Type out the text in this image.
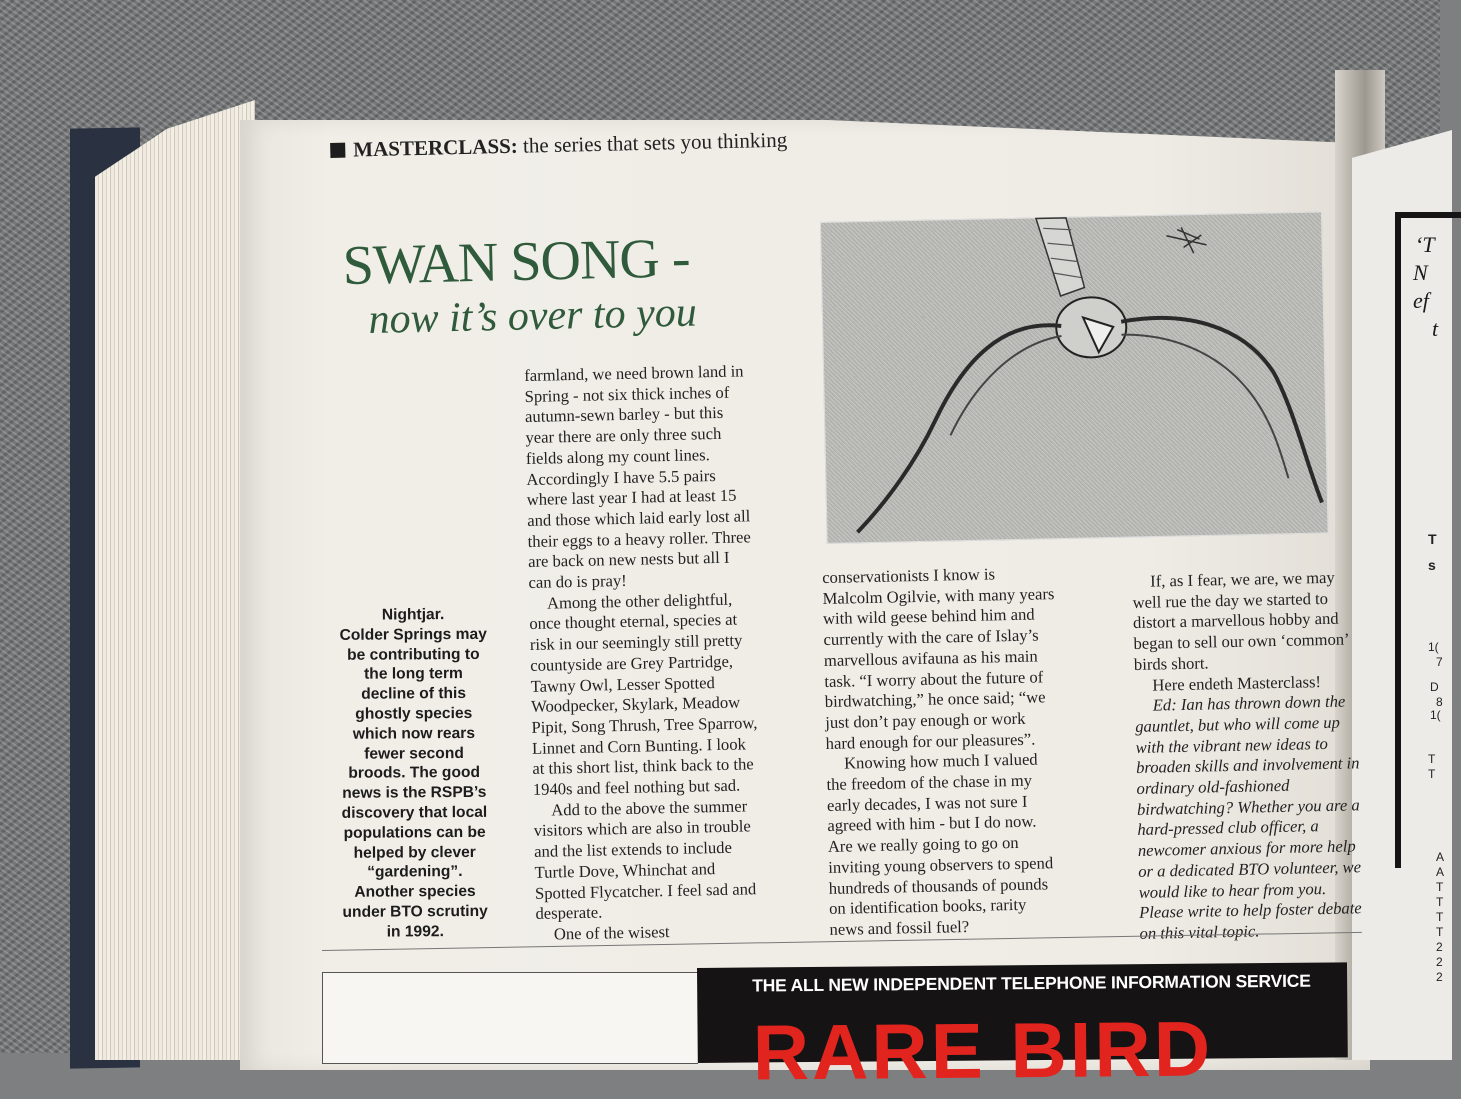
‘T
N
ef
t
T
s
1(
7
D
8
1(
T
T
A
A
T
T
T
T
2
2
2
MASTERCLASS: the series that sets you thinking
SWAN SONG -
now it’s over to you
Nightjar.
Colder Springs may
be contributing to
the long term
decline of this
ghostly species
which now rears
fewer second
broods. The good
news is the RSPB’s
discovery that local
populations can be
helped by clever
“gardening”.
Another species
under BTO scrutiny
in 1992.

farmland, we need brown land in

Spring - not six thick inches of

autumn-sewn barley - but this

year there are only three such

fields along my count lines.

Accordingly I have 5.5 pairs

where last year I had at least 15

and those which laid early lost all

their eggs to a heavy roller. Three

are back on new nests but all I

can do is pray!

Among the other delightful,

once thought eternal, species at

risk in our seemingly still pretty

countyside are Grey Partridge,

Tawny Owl, Lesser Spotted

Woodpecker, Skylark, Meadow

Pipit, Song Thrush, Tree Sparrow,

Linnet and Corn Bunting. I look

at this short list, think back to the

1940s and feel nothing but sad.

Add to the above the summer

visitors which are also in trouble

and the list extends to include

Turtle Dove, Whinchat and

Spotted Flycatcher. I feel sad and

desperate.

One of the wisest

conservationists I know is

Malcolm Ogilvie, with many years

with wild geese behind him and

currently with the care of Islay’s

marvellous avifauna as his main

task. “I worry about the future of

birdwatching,” he once said; “we

just don’t pay enough or work

hard enough for our pleasures”.

Knowing how much I valued

the freedom of the chase in my

early decades, I was not sure I

agreed with him - but I do now.

Are we really going to go on

inviting young observers to spend

hundreds of thousands of pounds

on identification books, rarity

news and fossil fuel?

If, as I fear, we are, we may

well rue the day we started to

distort a marvellous hobby and

began to sell our own ‘common’

birds short.

Here endeth Masterclass!

Ed: Ian has thrown down the

gauntlet, but who will come up

with the vibrant new ideas to

broaden skills and involvement in

ordinary old-fashioned

birdwatching? Whether you are a

hard-pressed club officer, a

newcomer anxious for more help

or a dedicated BTO volunteer, we

would like to hear from you.

Please write to help foster debate

on this vital topic.

THE ALL NEW INDEPENDENT TELEPHONE INFORMATION SERVICE
RARE BIRD
